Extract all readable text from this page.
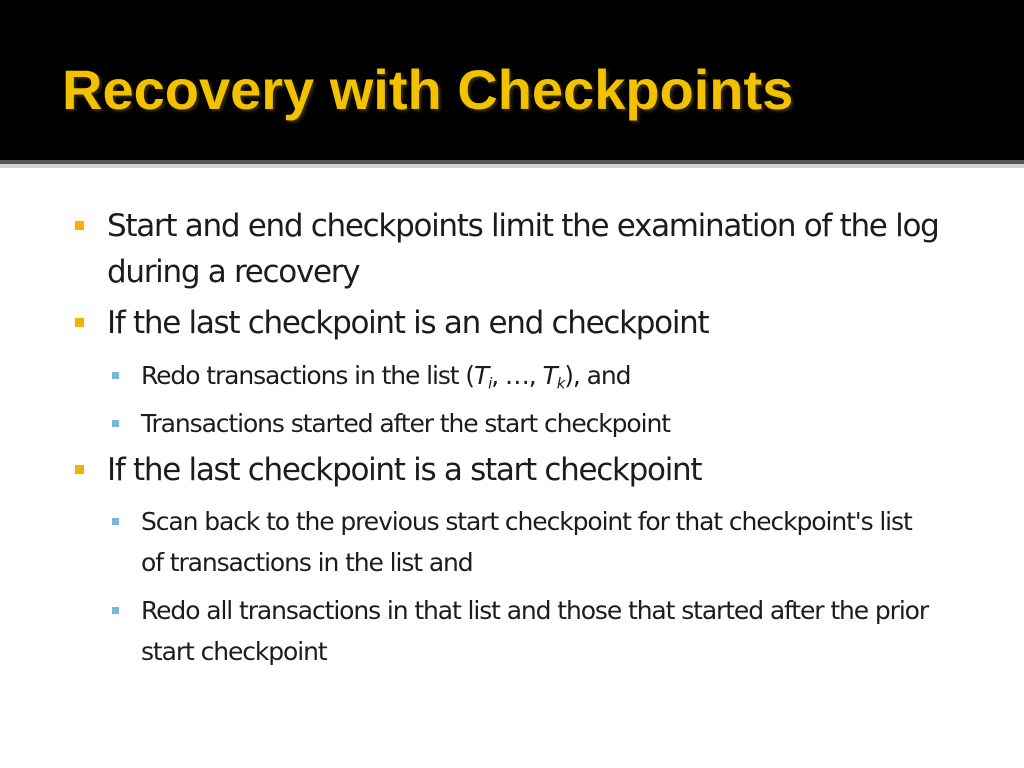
Recovery with Checkpoints
Start and end checkpoints limit the examination of the log during a recovery
If the last checkpoint is an end checkpoint
Redo transactions in the list ($T_i$, …, $T_k$), and
Transactions started after the start checkpoint
If the last checkpoint is a start checkpoint
Scan back to the previous start checkpoint for that checkpoint's list of transactions in the list and
Redo all transactions in that list and those that started after the prior start checkpoint
